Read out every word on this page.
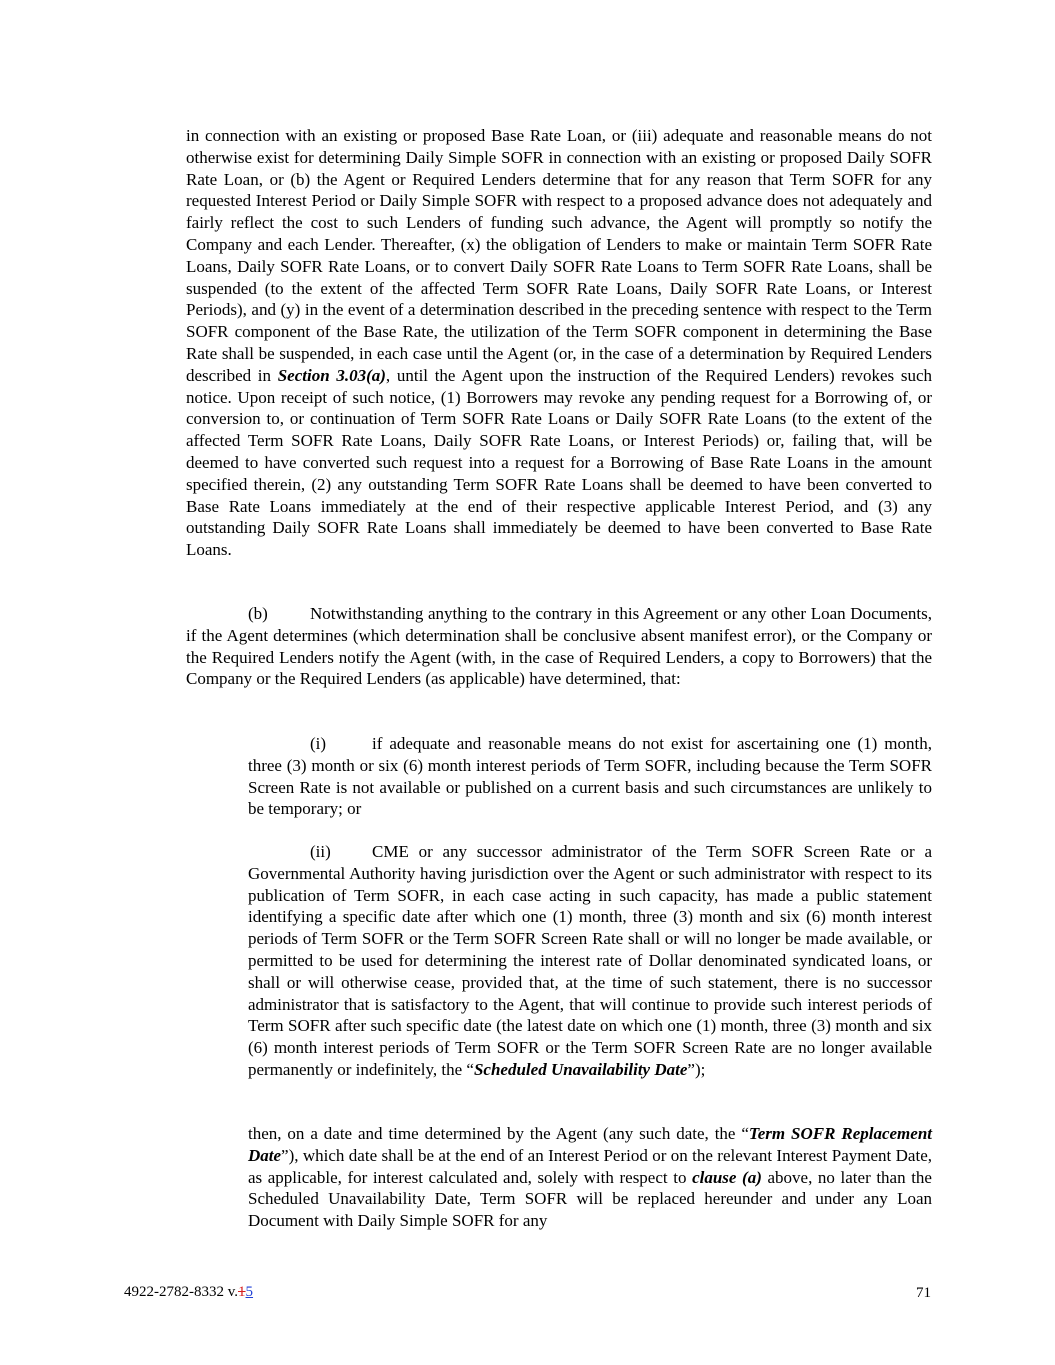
in connection with an existing or proposed Base Rate Loan, or (iii) adequate and reasonable means do not otherwise exist for determining Daily Simple SOFR in connection with an existing or proposed Daily SOFR Rate Loan, or (b) the Agent or Required Lenders determine that for any reason that Term SOFR for any requested Interest Period or Daily Simple SOFR with respect to a proposed advance does not adequately and fairly reflect the cost to such Lenders of funding such advance, the Agent will promptly so notify the Company and each Lender. Thereafter, (x) the obligation of Lenders to make or maintain Term SOFR Rate Loans, Daily SOFR Rate Loans, or to convert Daily SOFR Rate Loans to Term SOFR Rate Loans, shall be suspended (to the extent of the affected Term SOFR Rate Loans, Daily SOFR Rate Loans, or Interest Periods), and (y) in the event of a determination described in the preceding sentence with respect to the Term SOFR component of the Base Rate, the utilization of the Term SOFR component in determining the Base Rate shall be suspended, in each case until the Agent (or, in the case of a determination by Required Lenders described in Section 3.03(a), until the Agent upon the instruction of the Required Lenders) revokes such notice. Upon receipt of such notice, (1) Borrowers may revoke any pending request for a Borrowing of, or conversion to, or continuation of Term SOFR Rate Loans or Daily SOFR Rate Loans (to the extent of the affected Term SOFR Rate Loans, Daily SOFR Rate Loans, or Interest Periods) or, failing that, will be deemed to have converted such request into a request for a Borrowing of Base Rate Loans in the amount specified therein, (2) any outstanding Term SOFR Rate Loans shall be deemed to have been converted to Base Rate Loans immediately at the end of their respective applicable Interest Period, and (3) any outstanding Daily SOFR Rate Loans shall immediately be deemed to have been converted to Base Rate Loans.

(b) Notwithstanding anything to the contrary in this Agreement or any other Loan Documents, if the Agent determines (which determination shall be conclusive absent manifest error), or the Company or the Required Lenders notify the Agent (with, in the case of Required Lenders, a copy to Borrowers) that the Company or the Required Lenders (as applicable) have determined, that:

(i)	if adequate and reasonable means do not exist for ascertaining one (1) month, three (3) month or six (6) month interest periods of Term SOFR, including because the Term SOFR Screen Rate is not available or published on a current basis and such circumstances are unlikely to be temporary; or

(ii) CME or any successor administrator of the Term SOFR Screen Rate or a Governmental Authority having jurisdiction over the Agent or such administrator with respect to its publication of Term SOFR, in each case acting in such capacity, has made a public statement identifying a specific date after which one (1) month, three (3) month and six (6) month interest periods of Term SOFR or the Term SOFR Screen Rate shall or will no longer be made available, or permitted to be used for determining the interest rate of Dollar denominated syndicated loans, or shall or will otherwise cease, provided that, at the time of such statement, there is no successor administrator that is satisfactory to the Agent, that will continue to provide such interest periods of Term SOFR after such specific date (the latest date on which one (1) month, three (3) month and six (6) month interest periods of Term SOFR or the Term SOFR Screen Rate are no longer available permanently or indefinitely, the “Scheduled Unavailability Date”);

then, on a date and time determined by the Agent (any such date, the “Term SOFR Replacement Date”), which date shall be at the end of an Interest Period or on the relevant Interest Payment Date, as applicable, for interest calculated and, solely with respect to clause (a) above, no later than the Scheduled Unavailability Date, Term SOFR will be replaced hereunder and under any Loan Document with Daily Simple SOFR for any

4922-2782-8332 v.15	71
